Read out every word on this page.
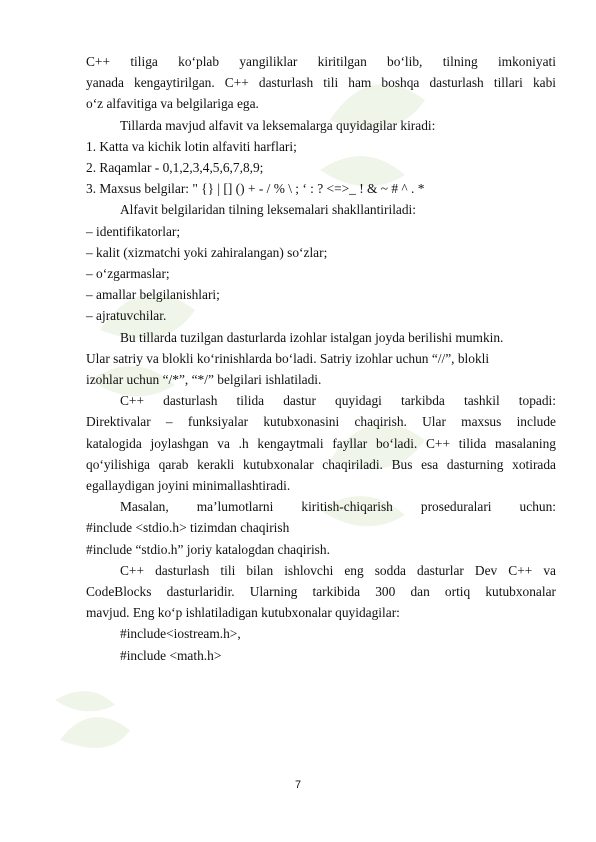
C++ tiliga ko‘plab yangiliklar kiritilgan bo‘lib, tilning imkoniyati
yanada kengaytirilgan. C++ dasturlash tili ham boshqa dasturlash tillari kabi
o‘z alfavitiga va belgilariga ega.

Tillarda mavjud alfavit va leksemalarga quyidagilar kiradi:

1. Katta va kichik lotin alfaviti harflari;

2. Raqamlar - 0,1,2,3,4,5,6,7,8,9;

3. Maxsus belgilar: " {} | [] () + - / % \ ; ‘ : ? <=>_ ! & ~ # ^ . *

Alfavit belgilaridan tilning leksemalari shakllantiriladi:

– identifikatorlar;

– kalit (xizmatchi yoki zahiralangan) so‘zlar;

– o‘zgarmaslar;

– amallar belgilanishlari;

– ajratuvchilar.

Bu tillarda tuzilgan dasturlarda izohlar istalgan joyda berilishi mumkin.
Ular satriy va blokli ko‘rinishlarda bo‘ladi. Satriy izohlar uchun “//”, blokli
izohlar uchun “/*”, “*/” belgilari ishlatiladi.

C++ dasturlash tilida dastur quyidagi tarkibda tashkil topadi:
Direktivalar – funksiyalar kutubxonasini chaqirish. Ular maxsus include
katalogida joylashgan va .h kengaytmali fayllar bo‘ladi. C++ tilida masalaning
qo‘yilishiga qarab kerakli kutubxonalar chaqiriladi. Bus esa dasturning xotirada
egallaydigan joyini minimallashtiradi.

Masalan, ma’lumotlarni kiritish-chiqarish proseduralari uchun:
#include <stdio.h> tizimdan chaqirish

#include “stdio.h” joriy katalogdan chaqirish.

C++ dasturlash tili bilan ishlovchi eng sodda dasturlar Dev C++ va
CodeBlocks dasturlaridir. Ularning tarkibida 300 dan ortiq kutubxonalar
mavjud. Eng ko‘p ishlatiladigan kutubxonalar quyidagilar:

#include<iostream.h>,

#include <math.h>

7
